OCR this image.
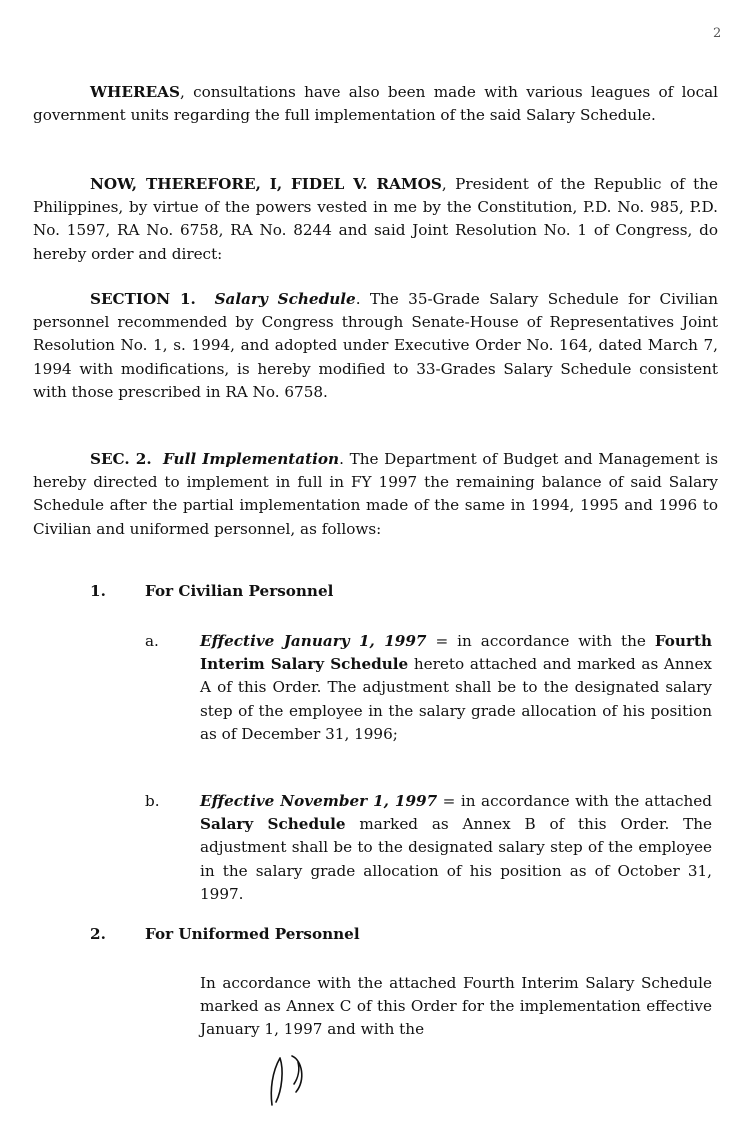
2

WHEREAS, consultations have also been made with various leagues of local government units regarding the full implementation of the said Salary Schedule.

NOW, THEREFORE, I, FIDEL V. RAMOS, President of the Republic of the Philippines, by virtue of the powers vested in me by the Constitution, P.D. No. 985, P.D. No. 1597, RA No. 6758, RA No. 8244 and said Joint Resolution No. 1 of Congress, do hereby order and direct:

SECTION 1. Salary Schedule. The 35-Grade Salary Schedule for Civilian personnel recommended by Congress through Senate-House of Representatives Joint Resolution No. 1, s. 1994, and adopted under Executive Order No. 164, dated March 7, 1994 with modifications, is hereby modified to 33-Grades Salary Schedule consistent with those prescribed in RA No. 6758.

SEC. 2. Full Implementation. The Department of Budget and Management is hereby directed to implement in full in FY 1997 the remaining balance of said Salary Schedule after the partial implementation made of the same in 1994, 1995 and 1996 to Civilian and uniformed personnel, as follows:

1.	For Civilian Personnel
a.	Effective January 1, 1997 = in accordance with the Fourth Interim Salary Schedule hereto attached and marked as Annex A of this Order. The adjustment shall be to the designated salary step of the employee in the salary grade allocation of his position as of December 31, 1996;

b.	Effective November 1, 1997 = in accordance with the attached Salary Schedule marked as Annex B of this Order. The adjustment shall be to the designated salary step of the employee in the salary grade allocation of his position as of October 31, 1997.

2.	For Uniformed Personnel

In accordance with the attached Fourth Interim Salary Schedule marked as Annex C of this Order for the implementation effective January 1, 1997 and with the
